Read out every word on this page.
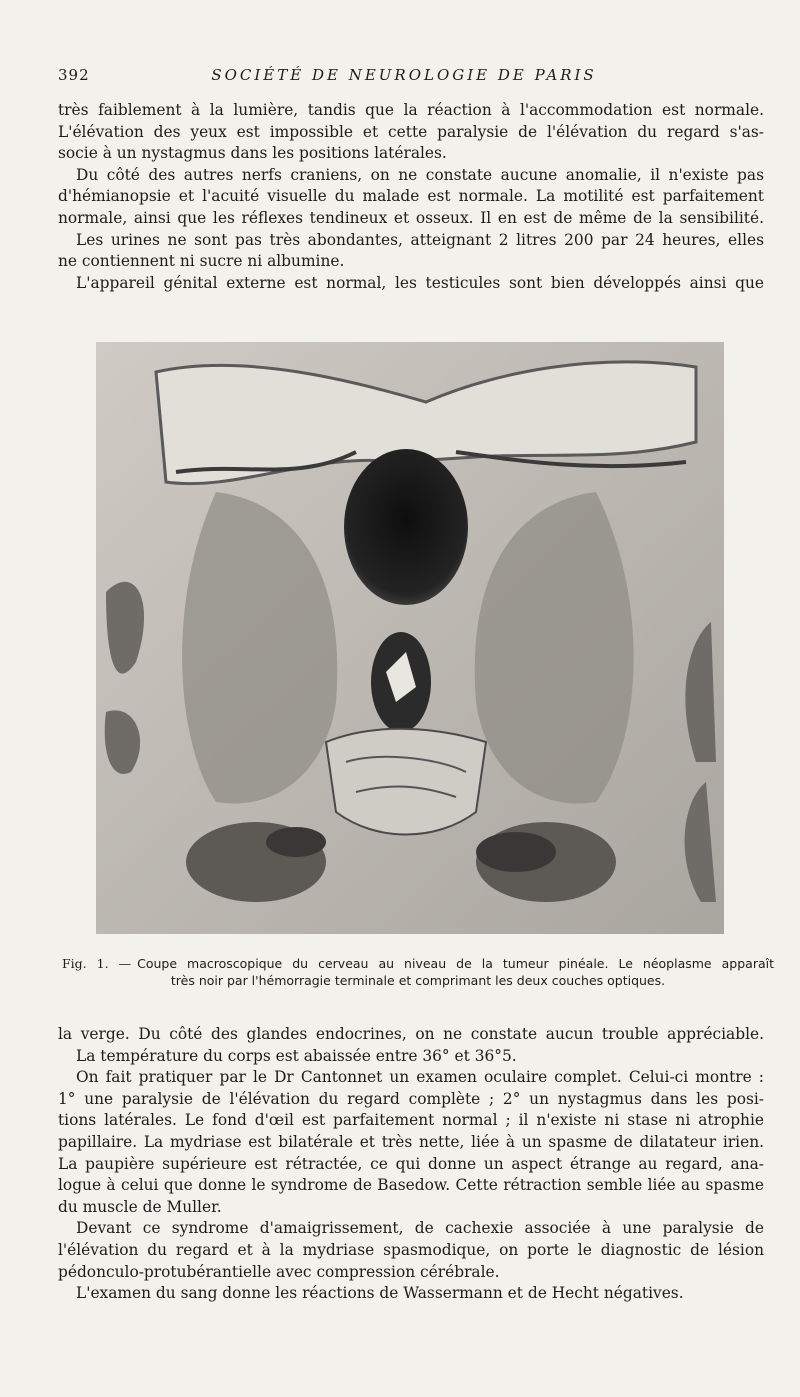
392	SOCIÉTÉ DE NEUROLOGIE DE PARIS

très faiblement à la lumière, tandis que la réaction à l'accommodation est normale.

L'élévation des yeux est impossible et cette paralysie de l'élévation du regard s'as-

socie à un nystagmus dans les positions latérales.

Du côté des autres nerfs craniens, on ne constate aucune anomalie, il n'existe pas

d'hémianopsie et l'acuité visuelle du malade est normale. La motilité est parfaitement

normale, ainsi que les réflexes tendineux et osseux. Il en est de même de la sensibilité.

Les urines ne sont pas très abondantes, atteignant 2 litres 200 par 24 heures, elles

ne contiennent ni sucre ni albumine.

L'appareil génital externe est normal, les testicules sont bien développés ainsi que

Fig. 1. — Coupe macroscopique du cerveau au niveau de la tumeur pinéale. Le néoplasme apparaît
très noir par l'hémorragie terminale et comprimant les deux couches optiques.

la verge. Du côté des glandes endocrines, on ne constate aucun trouble appréciable.

La température du corps est abaissée entre 36° et 36°5.

On fait pratiquer par le Dr Cantonnet un examen oculaire complet. Celui-ci montre :

1° une paralysie de l'élévation du regard complète ; 2° un nystagmus dans les posi-

tions latérales. Le fond d'œil est parfaitement normal ; il n'existe ni stase ni atrophie

papillaire. La mydriase est bilatérale et très nette, liée à un spasme de dilatateur irien.

La paupière supérieure est rétractée, ce qui donne un aspect étrange au regard, ana-

logue à celui que donne le syndrome de Basedow. Cette rétraction semble liée au spasme

du muscle de Muller.

Devant ce syndrome d'amaigrissement, de cachexie associée à une paralysie de

l'élévation du regard et à la mydriase spasmodique, on porte le diagnostic de lésion

pédonculo-protubérantielle avec compression cérébrale.

L'examen du sang donne les réactions de Wassermann et de Hecht négatives.
